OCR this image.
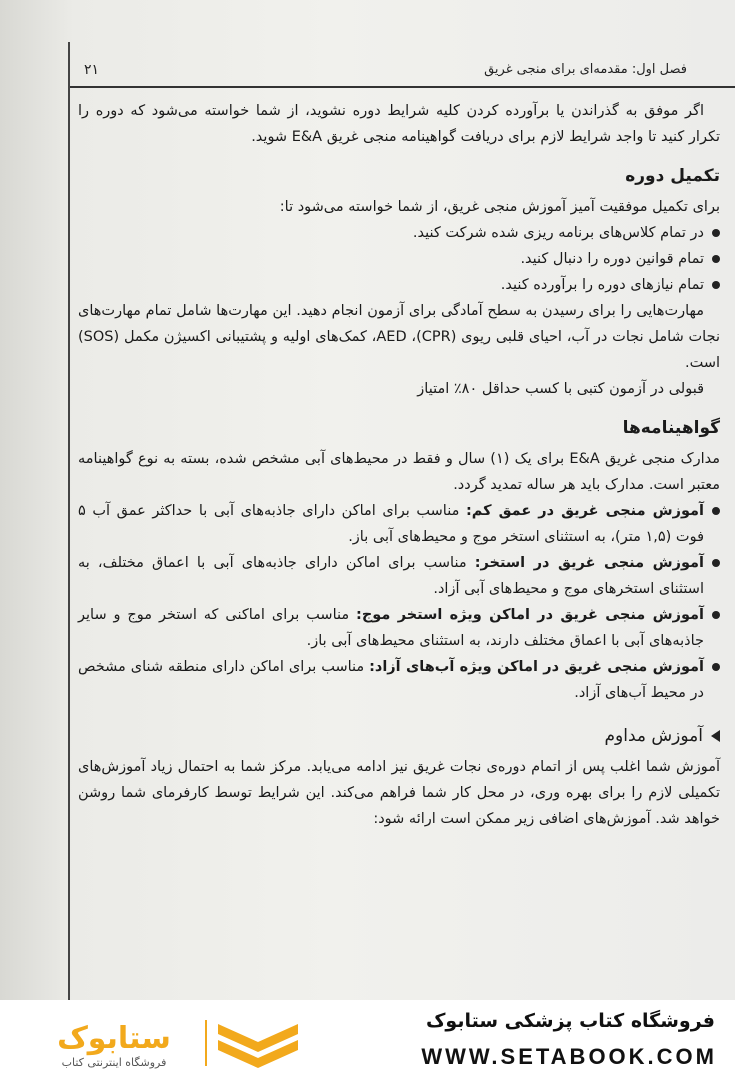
۲۱	فصل اول: مقدمه‌ای برای منجی غریق

اگر موفق به گذراندن یا برآورده کردن کلیه شرایط دوره نشوید، از شما خواسته می‌شود که دوره را تکرار کنید تا واجد شرایط لازم برای دریافت گواهینامه منجی غریق E&A شوید.

تکمیل دوره

برای تکمیل موفقیت آمیز آموزش منجی غریق، از شما خواسته می‌شود تا:

در تمام کلاس‌های برنامه ریزی شده شرکت کنید.
تمام قوانین دوره را دنبال کنید.
تمام نیازهای دوره را برآورده کنید.

مهارت‌هایی را برای رسیدن به سطح آمادگی برای آزمون انجام دهید. این مهارت‌ها شامل تمام مهارت‌های نجات شامل نجات در آب، احیای قلبی ریوی (CPR)، AED، کمک‌های اولیه و پشتیبانی اکسیژن مکمل (SOS) است.

قبولی در آزمون کتبی با کسب حداقل ۸۰٪ امتیاز

گواهینامه‌ها

مدارک منجی غریق E&A برای یک (۱) سال و فقط در محیط‌های آبی مشخص شده، بسته به نوع گواهینامه معتبر است. مدارک باید هر ساله تمدید گردد.

آموزش منجی غریق در عمق کم: مناسب برای اماکن دارای جاذبه‌های آبی با حداکثر عمق آب ۵ فوت (۱,۵ متر)، به استثنای استخر موج و محیط‌های آبی باز.
آموزش منجی غریق در استخر: مناسب برای اماکن دارای جاذبه‌های آبی با اعماق مختلف، به استثنای استخرهای موج و محیط‌های آبی آزاد.
آموزش منجی غریق در اماکن ویژه استخر موج: مناسب برای اماکنی که استخر موج و سایر جاذبه‌های آبی با اعماق مختلف دارند، به استثنای محیط‌های آبی باز.
آموزش منجی غریق در اماکن ویژه آب‌های آزاد: مناسب برای اماکن دارای منطقه شنای مشخص در محیط آب‌های آزاد.
آموزش مداوم

آموزش شما اغلب پس از اتمام دوره‌ی نجات غریق نیز ادامه می‌یابد. مرکز شما به احتمال زیاد آموزش‌های تکمیلی لازم را برای بهره وری، در محل کار شما فراهم می‌کند. این شرایط توسط کارفرمای شما روشن خواهد شد. آموزش‌های اضافی زیر ممکن است ارائه شود:

ستابوک
فروشگاه اینترنتی کتاب
فروشگاه کتاب پزشکی ستابوک
WWW.SETABOOK.COM
